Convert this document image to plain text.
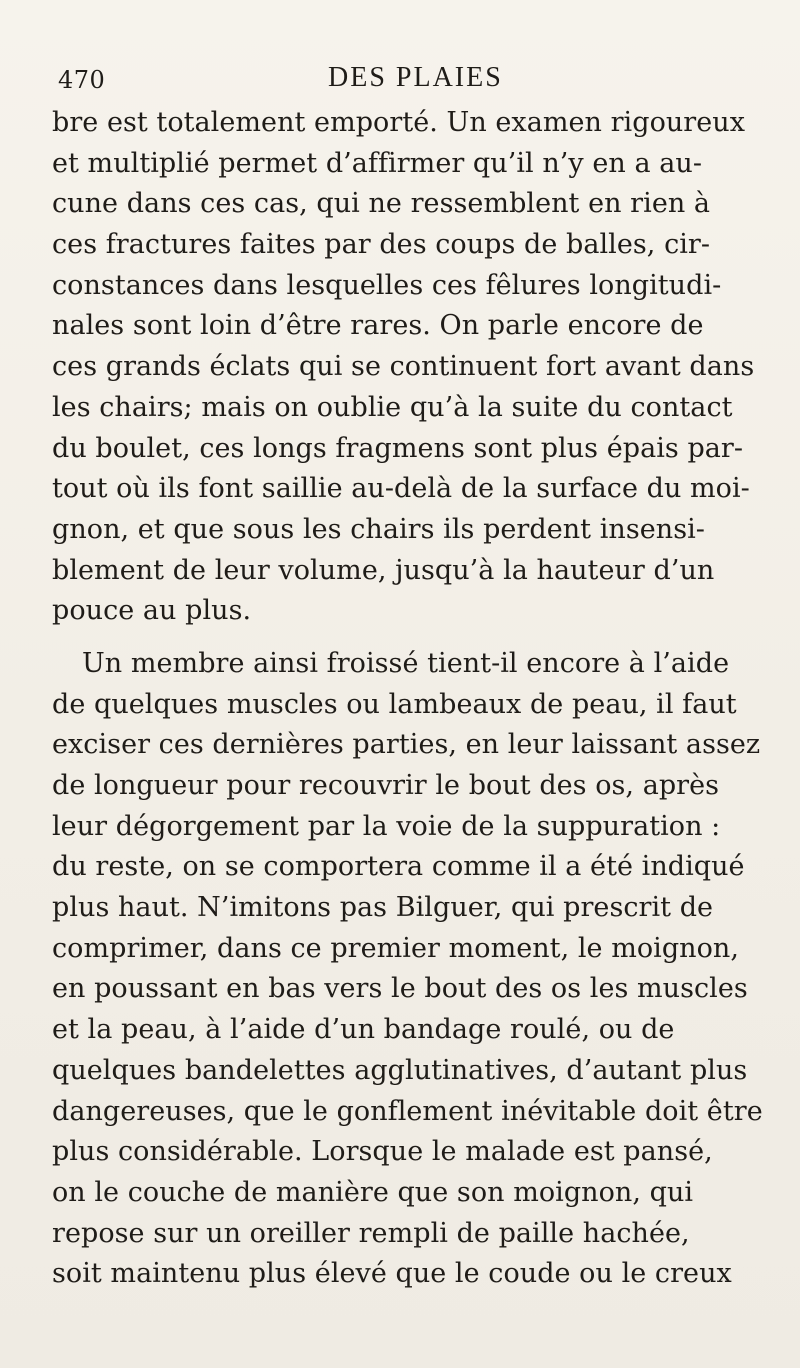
470	DES PLAIES
bre est totalement emporté. Un examen rigoureux
et multiplié permet d’affirmer qu’il n’y en a au-
cune dans ces cas, qui ne ressemblent en rien à
ces fractures faites par des coups de balles, cir-
constances dans lesquelles ces fêlures longitudi-
nales sont loin d’être rares. On parle encore de
ces grands éclats qui se continuent fort avant dans
les chairs; mais on oublie qu’à la suite du contact
du boulet, ces longs fragmens sont plus épais par-
tout où ils font saillie au-delà de la surface du moi-
gnon, et que sous les chairs ils perdent insensi-
blement de leur volume, jusqu’à la hauteur d’un
pouce au plus.
Un membre ainsi froissé tient-il encore à l’aide
de quelques muscles ou lambeaux de peau, il faut
exciser ces dernières parties, en leur laissant assez
de longueur pour recouvrir le bout des os, après
leur dégorgement par la voie de la suppuration :
du reste, on se comportera comme il a été indiqué
plus haut. N’imitons pas Bilguer, qui prescrit de
comprimer, dans ce premier moment, le moignon,
en poussant en bas vers le bout des os les muscles
et la peau, à l’aide d’un bandage roulé, ou de
quelques bandelettes agglutinatives, d’autant plus
dangereuses, que le gonflement inévitable doit être
plus considérable. Lorsque le malade est pansé,
on le couche de manière que son moignon, qui
repose sur un oreiller rempli de paille hachée,
soit maintenu plus élevé que le coude ou le creux
